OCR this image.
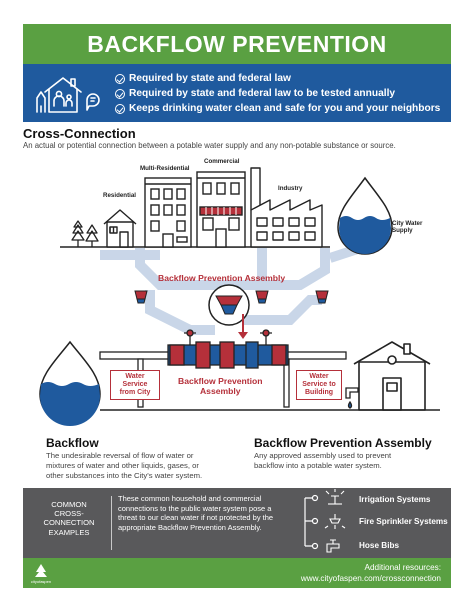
BACKFLOW PREVENTION
Required by state and federal law
Required by state and federal law to be tested annually
Keeps drinking water clean and safe for you and your neighbors
Cross-Connection
An actual or potential connection between a potable water supply and any non-potable substance or source.
Residential
Multi-Residential
Commercial
Industry
City Water
Supply
Backflow Prevention Assembly
Backflow Prevention
Assembly
Water
Service
from City
Water
Service to
Building
Backflow
The undesirable reversal of flow of water or
mixtures of water and other liquids, gases, or
other substances into the City's water system.
Backflow Prevention Assembly
Any approved assembly used to prevent
backflow into a potable water system.
COMMON
CROSS-
CONNECTION
EXAMPLES
These common household and commercial connections to the public water system pose a threat to our clean water if not protected by the appropriate Backflow Prevention Assembly.
Irrigation Systems
Fire Sprinkler Systems
Hose Bibs
cityofaspen
Additional resources:
www.cityofaspen.com/crossconnection
